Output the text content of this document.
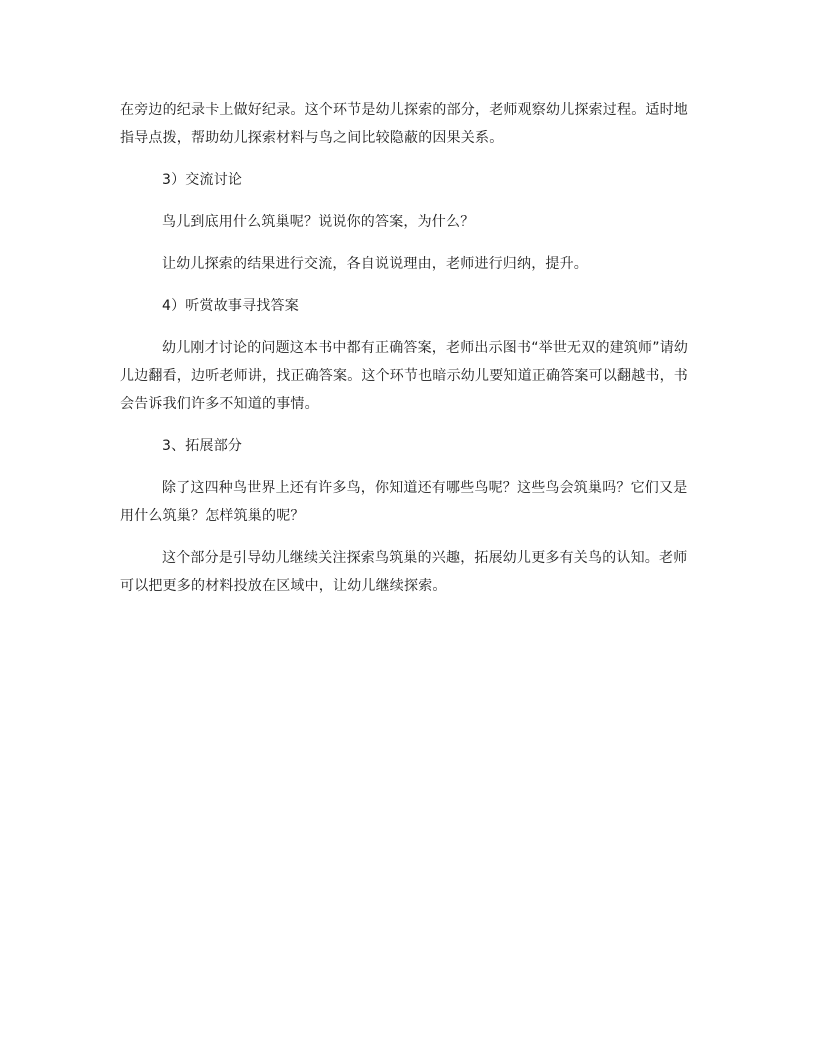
在旁边的纪录卡上做好纪录。这个环节是幼儿探索的部分，老师观察幼儿探索过程。适时地指导点拨，帮助幼儿探索材料与鸟之间比较隐蔽的因果关系。

3）交流讨论

鸟儿到底用什么筑巢呢？说说你的答案，为什么？

让幼儿探索的结果进行交流，各自说说理由，老师进行归纳，提升。

4）听赏故事寻找答案

幼儿刚才讨论的问题这本书中都有正确答案，老师出示图书“举世无双的建筑师”请幼儿边翻看，边听老师讲，找正确答案。这个环节也暗示幼儿要知道正确答案可以翻越书，书会告诉我们许多不知道的事情。

3、拓展部分

除了这四种鸟世界上还有许多鸟，你知道还有哪些鸟呢？这些鸟会筑巢吗？它们又是用什么筑巢？怎样筑巢的呢？

这个部分是引导幼儿继续关注探索鸟筑巢的兴趣，拓展幼儿更多有关鸟的认知。老师可以把更多的材料投放在区域中，让幼儿继续探索。
